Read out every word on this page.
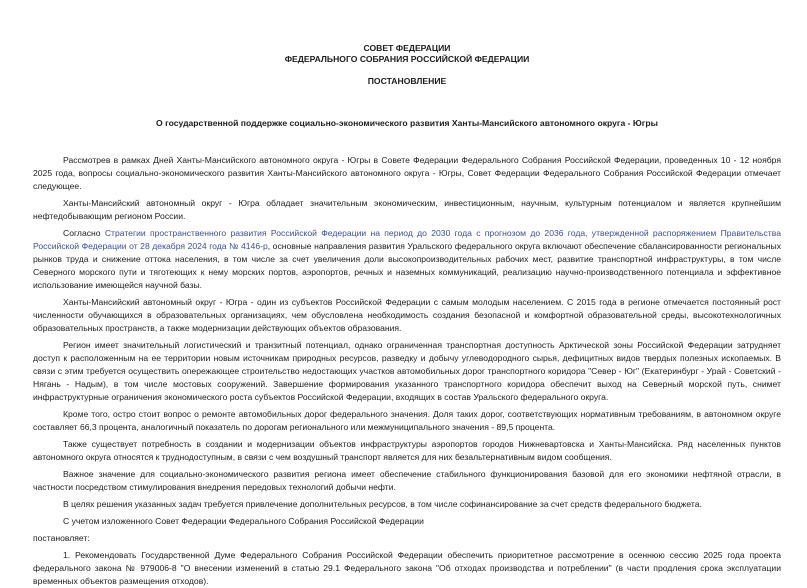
СОВЕТ ФЕДЕРАЦИИ
ФЕДЕРАЛЬНОГО СОБРАНИЯ РОССИЙСКОЙ ФЕДЕРАЦИИ
ПОСТАНОВЛЕНИЕ
О государственной поддержке социально-экономического развития Ханты-Мансийского автономного округа - Югры

Рассмотрев в рамках Дней Ханты-Мансийского автономного округа - Югры в Совете Федерации Федерального Собрания Российской Федерации, проведенных 10 - 12 ноября 2025 года, вопросы социально-экономического развития Ханты-Мансийского автономного округа - Югры, Совет Федерации Федерального Собрания Российской Федерации отмечает следующее.

Ханты-Мансийский автономный округ - Югра обладает значительным экономическим, инвестиционным, научным, культурным потенциалом и является крупнейшим нефтедобывающим регионом России.

Согласно Стратегии пространственного развития Российской Федерации на период до 2030 года с прогнозом до 2036 года, утвержденной распоряжением Правительства Российской Федерации от 28 декабря 2024 года № 4146-р, основные направления развития Уральского федерального округа включают обеспечение сбалансированности региональных рынков труда и снижение оттока населения, в том числе за счет увеличения доли высокопроизводительных рабочих мест, развитие транспортной инфраструктуры, в том числе Северного морского пути и тяготеющих к нему морских портов, аэропортов, речных и наземных коммуникаций, реализацию научно-производственного потенциала и эффективное использование имеющейся научной базы.

Ханты-Мансийский автономный округ - Югра - один из субъектов Российской Федерации с самым молодым населением. С 2015 года в регионе отмечается постоянный рост численности обучающихся в образовательных организациях, чем обусловлена необходимость создания безопасной и комфортной образовательной среды, высокотехнологичных образовательных пространств, а также модернизации действующих объектов образования.

Регион имеет значительный логистический и транзитный потенциал, однако ограниченная транспортная доступность Арктической зоны Российской Федерации затрудняет доступ к расположенным на ее территории новым источникам природных ресурсов, разведку и добычу углеводородного сырья, дефицитных видов твердых полезных ископаемых. В связи с этим требуется осуществить опережающее строительство недостающих участков автомобильных дорог транспортного коридора "Север - Юг" (Екатеринбург - Урай - Советский - Нягань - Надым), в том числе мостовых сооружений. Завершение формирования указанного транспортного коридора обеспечит выход на Северный морской путь, снимет инфраструктурные ограничения экономического роста субъектов Российской Федерации, входящих в состав Уральского федерального округа.

Кроме того, остро стоит вопрос о ремонте автомобильных дорог федерального значения. Доля таких дорог, соответствующих нормативным требованиям, в автономном округе составляет 66,3 процента, аналогичный показатель по дорогам регионального или межмуниципального значения - 89,5 процента.

Также существует потребность в создании и модернизации объектов инфраструктуры аэропортов городов Нижневартовска и Ханты-Мансийска. Ряд населенных пунктов автономного округа относятся к труднодоступным, в связи с чем воздушный транспорт является для них безальтернативным видом сообщения.

Важное значение для социально-экономического развития региона имеет обеспечение стабильного функционирования базовой для его экономики нефтяной отрасли, в частности посредством стимулирования внедрения передовых технологий добычи нефти.

В целях решения указанных задач требуется привлечение дополнительных ресурсов, в том числе софинансирование за счет средств федерального бюджета.

С учетом изложенного Совет Федерации Федерального Собрания Российской Федерации

постановляет:

1. Рекомендовать Государственной Думе Федерального Собрания Российской Федерации обеспечить приоритетное рассмотрение в осеннюю сессию 2025 года проекта федерального закона № 979006-8 "О внесении изменений в статью 29.1 Федерального закона "Об отходах производства и потреблении" (в части продления срока эксплуатации временных объектов размещения отходов).
